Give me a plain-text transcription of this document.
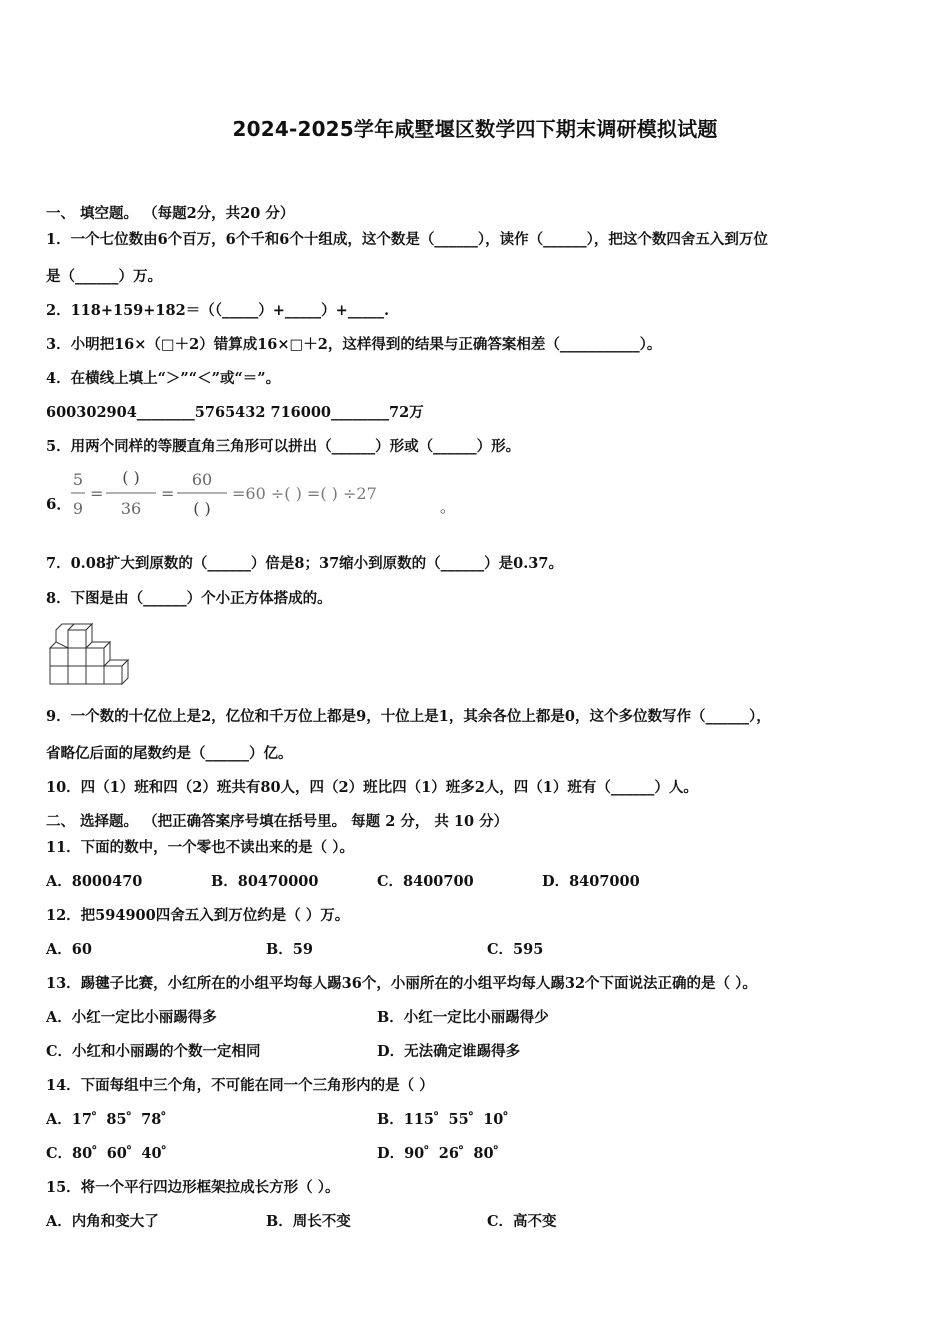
2024-2025学年咸墅堰区数学四下期末调研模拟试题
一、 填空题。 （每题2分，共20 分）
1．一个七位数由6个百万，6个千和6个十组成，这个数是（______），读作（______），把这个数四舍五入到万位
是（______）万。
2．118+159+182＝（（_____）+_____）+_____.
3．小明把16×（□＋2）错算成16×□＋2，这样得到的结果与正确答案相差（___________）。
4．在横线上填上“＞”“＜”或“＝”。
600302904________5765432 716000________72万
5．用两个同样的等腰直角三角形可以拼出（______）形或（______）形。
6．
5
9
=
( )
36
=
60
( )
=60 ÷( ) =( ) ÷27
。
7．0.08扩大到原数的（______）倍是8；37缩小到原数的（______）是0.37。
8．下图是由（______）个小正方体搭成的。
9．一个数的十亿位上是2，亿位和千万位上都是9，十位上是1，其余各位上都是0，这个多位数写作（______），
省略亿后面的尾数约是（______）亿。
10．四（1）班和四（2）班共有80人，四（2）班比四（1）班多2人，四（1）班有（______）人。
二、 选择题。 （把正确答案序号填在括号里。 每题 2 分， 共 10 分）
11．下面的数中，一个零也不读出来的是（ ）。
A．8000470	B．80470000	C．8400700	D．8407000
12．把594900四舍五入到万位约是（ ）万。
A．60	B．59	C．595
13．踢毽子比赛，小红所在的小组平均每人踢36个，小丽所在的小组平均每人踢32个下面说法正确的是（ ）。
A．小红一定比小丽踢得多	B．小红一定比小丽踢得少
C．小红和小丽踢的个数一定相同	D．无法确定谁踢得多
14．下面每组中三个角，不可能在同一个三角形内的是（ ）
A．17゜85゜78゜	B．115゜55゜10゜
C．80゜60゜40゜	D．90゜26゜80゜
15．将一个平行四边形框架拉成长方形（ ）。
A．内角和变大了	B．周长不变	C．高不变
